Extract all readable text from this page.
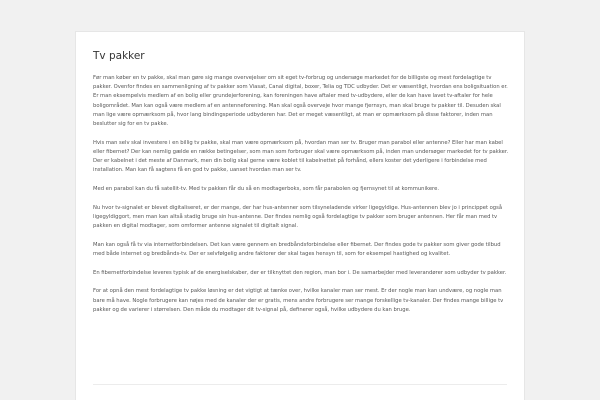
Tv pakker

Før man køber en tv pakke, skal man gøre sig mange overvejelser om sit eget tv-forbrug og undersøge markedet for de billigste og mest fordelagtige tv pakker. Ovenfor findes en sammenligning af tv pakker som Viasat, Canal digital, boxer, Telia og TDC udbyder. Det er væsentligt, hvordan ens boligsituation er. Er man eksempelvis medlem af en bolig eller grundejerforening, kan foreningen have aftaler med tv-udbydere, eller de kan have lavet tv-aftaler for hele boligområdet. Man kan også være medlem af en antenneforening. Man skal også overveje hvor mange fjernsyn, man skal bruge tv pakker til. Desuden skal man lige være opmærksom på, hvor lang bindingsperiode udbyderen har. Det er meget væsentligt, at man er opmærksom på disse faktorer, inden man beslutter sig for en tv pakke.

Hvis man selv skal investere i en billig tv pakke, skal man være opmærksom på, hvordan man ser tv. Bruger man parabol eller antenne? Eller har man kabel eller fibernet? Der kan nemlig gælde en række betingelser, som man som forbruger skal være opmærksom på, inden man undersøger markedet for tv pakker. Der er kabelnet i det meste af Danmark, men din bolig skal gerne være koblet til kabelnettet på forhånd, ellers koster det yderligere i forbindelse med installation. Man kan få sagtens få en god tv pakke, uanset hvordan man ser tv.

Med en parabol kan du få satellit-tv. Med tv pakken får du så en modtagerboks, som får parabolen og fjernsynet til at kommunikere.

Nu hvor tv-signalet er blevet digitaliseret, er der mange, der har hus-antenner som tilsyneladende virker ligegyldige. Hus-antennen blev jo i princippet også ligegyldiggort, men man kan altså stadig bruge sin hus-antenne. Der findes nemlig også fordelagtige tv pakker som bruger antennen. Her får man med tv pakken en digital modtager, som omformer antenne signalet til digitalt signal.

Man kan også få tv via internetforbindelsen. Det kan være gennem en bredbåndsforbindelse eller fibernet. Der findes gode tv pakker som giver gode tilbud med både internet og bredbånds-tv. Der er selvfølgelig andre faktorer der skal tages hensyn til, som for eksempel hastighed og kvalitet.

En fibernetforbindelse leveres typisk af de energiselskaber, der er tilknyttet den region, man bor i. De samarbejder med leverandører som udbyder tv pakker.

For at opnå den mest fordelagtige tv pakke løsning er det vigtigt at tænke over, hvilke kanaler man ser mest. Er der nogle man kan undvære, og nogle man bare må have. Nogle forbrugere kan nøjes med de kanaler der er gratis, mens andre forbrugere ser mange forskellige tv-kanaler. Der findes mange billige tv pakker og de varierer i størrelsen. Den måde du modtager dit tv-signal på, definerer også, hvilke udbydere du kan bruge.
